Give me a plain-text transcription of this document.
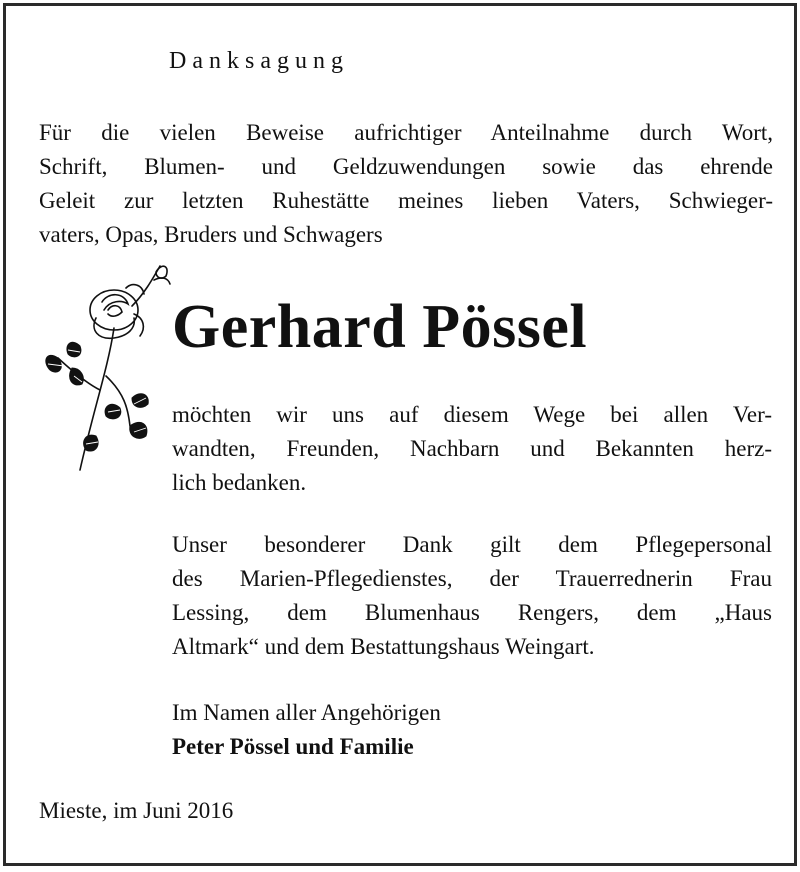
Danksagung
Für die vielen Beweise aufrichtiger Anteilnahme durch Wort,
Schrift, Blumen- und Geldzuwendungen sowie das ehrende
Geleit zur letzten Ruhestätte meines lieben Vaters, Schwieger-
vaters, Opas, Bruders und Schwagers
Gerhard Pössel
möchten wir uns auf diesem Wege bei allen Ver-
wandten, Freunden, Nachbarn und Bekannten herz-
lich bedanken.
Unser besonderer Dank gilt dem Pflegepersonal
des Marien-Pflegedienstes, der Trauerrednerin Frau
Lessing, dem Blumenhaus Rengers, dem „Haus
Altmark“ und dem Bestattungshaus Weingart.
Im Namen aller Angehörigen
Peter Pössel und Familie
Mieste, im Juni 2016
